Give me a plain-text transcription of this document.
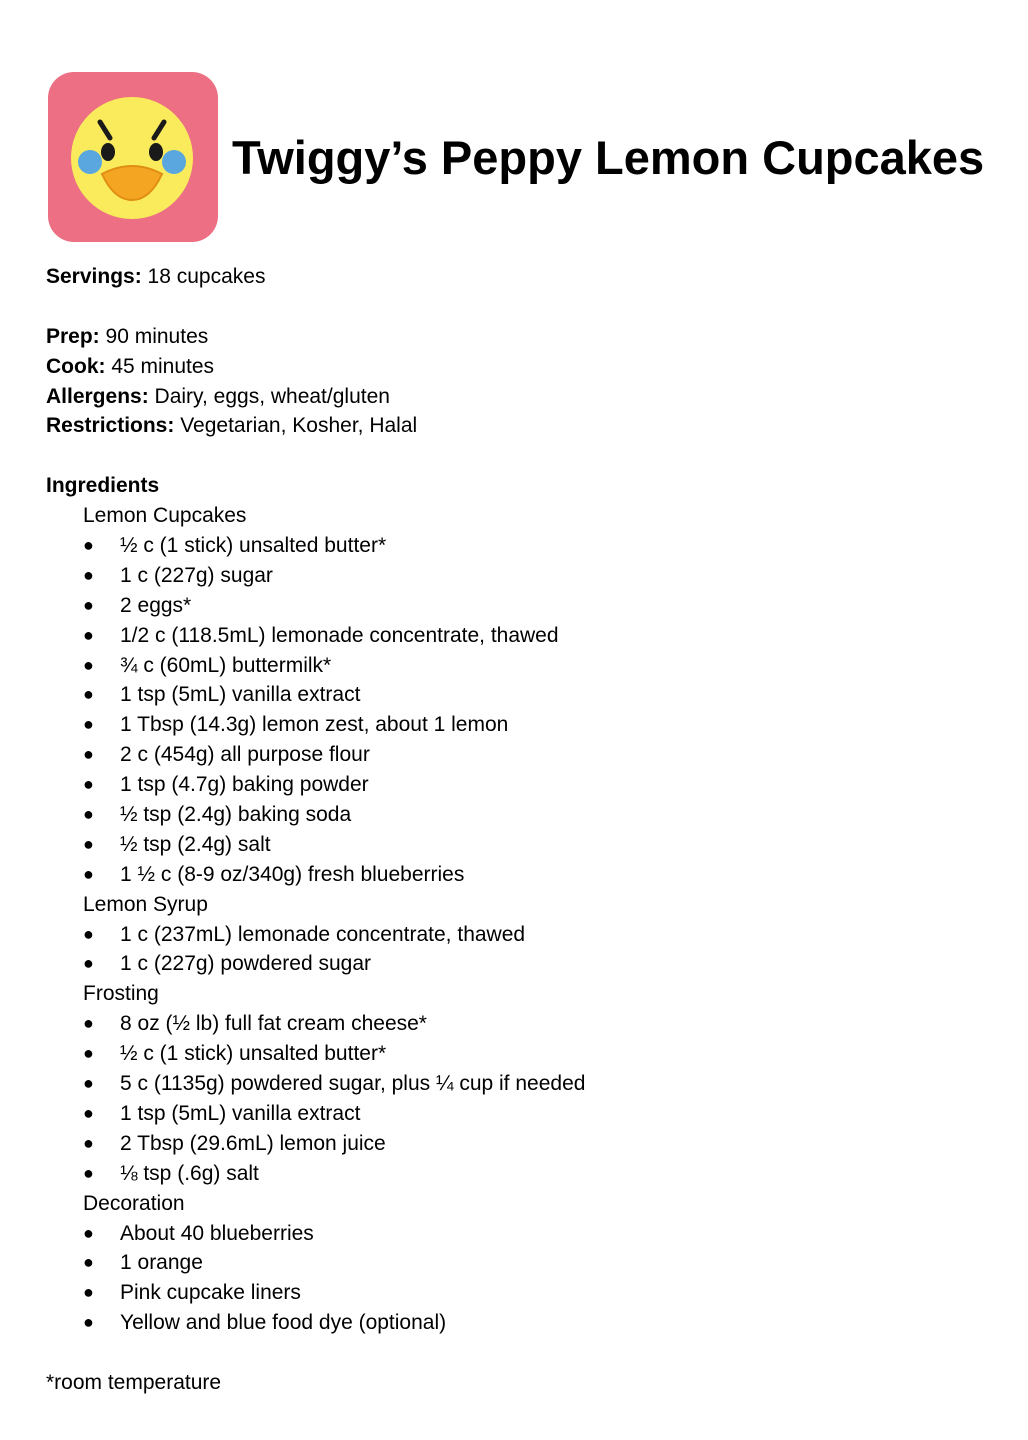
Twiggy’s Peppy Lemon Cupcakes
Servings: 18 cupcakes
Prep: 90 minutes
Cook: 45 minutes
Allergens: Dairy, eggs, wheat/gluten
Restrictions: Vegetarian, Kosher, Halal
Ingredients
Lemon Cupcakes
● ½ c (1 stick) unsalted butter*
● 1 c (227g) sugar
● 2 eggs*
● 1/2 c (118.5mL) lemonade concentrate, thawed
● ¾ c (60mL) buttermilk*
● 1 tsp (5mL) vanilla extract
● 1 Tbsp (14.3g) lemon zest, about 1 lemon
● 2 c (454g) all purpose flour
● 1 tsp (4.7g) baking powder
● ½ tsp (2.4g) baking soda
● ½ tsp (2.4g) salt
● 1 ½ c (8-9 oz/340g) fresh blueberries
Lemon Syrup
● 1 c (237mL) lemonade concentrate, thawed
● 1 c (227g) powdered sugar
Frosting
● 8 oz (½ lb) full fat cream cheese*
● ½ c (1 stick) unsalted butter*
● 5 c (1135g) powdered sugar, plus ¼ cup if needed
● 1 tsp (5mL) vanilla extract
● 2 Tbsp (29.6mL) lemon juice
● ⅛ tsp (.6g) salt
Decoration
● About 40 blueberries
● 1 orange
● Pink cupcake liners
● Yellow and blue food dye (optional)
*room temperature
